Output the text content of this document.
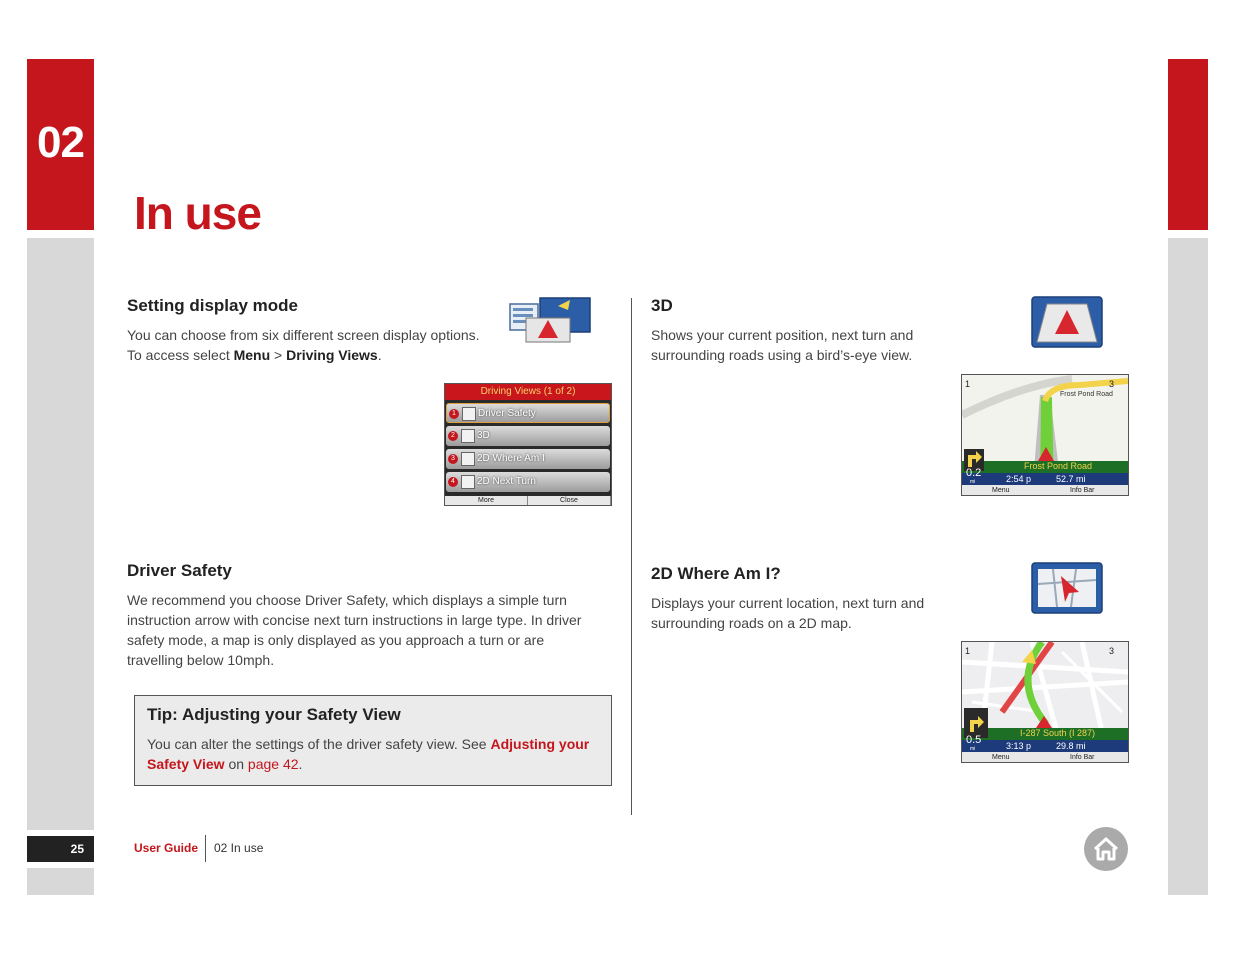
02
In use
Setting display mode

You can choose from six different screen display options. To access select Menu > Driving Views.

Driving Views (1 of 2)
1	Driver Safety
2	3D
3	2D Where Am I
4	2D Next Turn
More	Close
Driver Safety

We recommend you choose Driver Safety, which displays a simple turn instruction arrow with concise next turn instructions in large type. In driver safety mode, a map is only displayed as you approach a turn or are travelling below 10mph.

Tip: Adjusting your Safety View

You can alter the settings of the driver safety view. See Adjusting your Safety View on page 42.

3D

Shows your current position, next turn and surrounding roads using a bird’s-eye view.

1	3
Frost Pond Road
Frost Pond Road
0.2
mi	2:54 p	52.7 mi
Menu	Info Bar
2D Where Am I?

Displays your current location, next turn and surrounding roads on a 2D map.

1	3
I-287 South (I 287)
0.5
mi	3:13 p	29.8 mi
Menu	Info Bar
25	User Guide 02 In use
